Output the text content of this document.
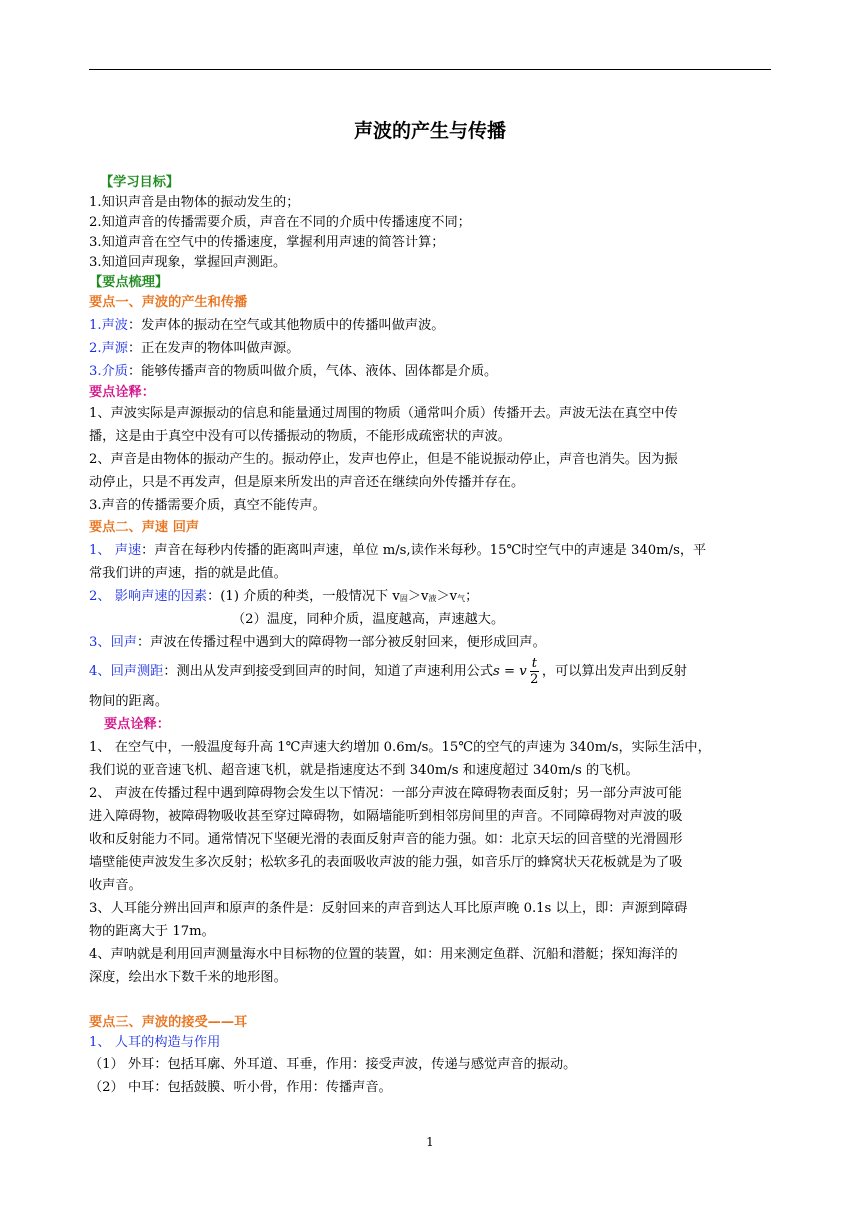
声波的产生与传播
【学习目标】
1.知识声音是由物体的振动发生的；
2.知道声音的传播需要介质，声音在不同的介质中传播速度不同；
3.知道声音在空气中的传播速度，掌握利用声速的简答计算；
3.知道回声现象，掌握回声测距。
【要点梳理】
要点一、声波的产生和传播
1.声波：发声体的振动在空气或其他物质中的传播叫做声波。
2.声源：正在发声的物体叫做声源。
3.介质：能够传播声音的物质叫做介质，气体、液体、固体都是介质。
要点诠释：
1、声波实际是声源振动的信息和能量通过周围的物质（通常叫介质）传播开去。声波无法在真空中传
播，这是由于真空中没有可以传播振动的物质，不能形成疏密状的声波。
2、声音是由物体的振动产生的。振动停止，发声也停止，但是不能说振动停止，声音也消失。因为振
动停止，只是不再发声，但是原来所发出的声音还在继续向外传播并存在。
3.声音的传播需要介质，真空不能传声。
要点二、声速 回声
1、 声速：声音在每秒内传播的距离叫声速，单位 m/s,读作米每秒。15℃时空气中的声速是 340m/s，平
常我们讲的声速，指的就是此值。
2、 影响声速的因素：(1) 介质的种类，一般情况下 v固＞v液＞v气；
（2）温度，同种介质，温度越高，声速越大。
3、回声：声波在传播过程中遇到大的障碍物一部分被反射回来，便形成回声。
4、回声测距：测出从发声到接受到回声的时间，知道了声速利用公式s = v $\frac{t}{2}$ ，可以算出发声出到反射
物间的距离。
要点诠释：
1、 在空气中，一般温度每升高 1℃声速大约增加 0.6m/s。15℃的空气的声速为 340m/s，实际生活中，
我们说的亚音速飞机、超音速飞机，就是指速度达不到 340m/s 和速度超过 340m/s 的飞机。
2、 声波在传播过程中遇到障碍物会发生以下情况：一部分声波在障碍物表面反射；另一部分声波可能
进入障碍物，被障碍物吸收甚至穿过障碍物，如隔墙能听到相邻房间里的声音。不同障碍物对声波的吸
收和反射能力不同。通常情况下坚硬光滑的表面反射声音的能力强。如：北京天坛的回音壁的光滑圆形
墙壁能使声波发生多次反射；松软多孔的表面吸收声波的能力强，如音乐厅的蜂窝状天花板就是为了吸
收声音。
3、人耳能分辨出回声和原声的条件是：反射回来的声音到达人耳比原声晚 0.1s 以上，即：声源到障碍
物的距离大于 17m。
4、声呐就是利用回声测量海水中目标物的位置的装置，如：用来测定鱼群、沉船和潜艇；探知海洋的
深度，绘出水下数千米的地形图。
要点三、声波的接受——耳
1、 人耳的构造与作用
（1） 外耳：包括耳廓、外耳道、耳垂，作用：接受声波，传递与感觉声音的振动。
（2） 中耳：包括鼓膜、听小骨，作用：传播声音。
1
